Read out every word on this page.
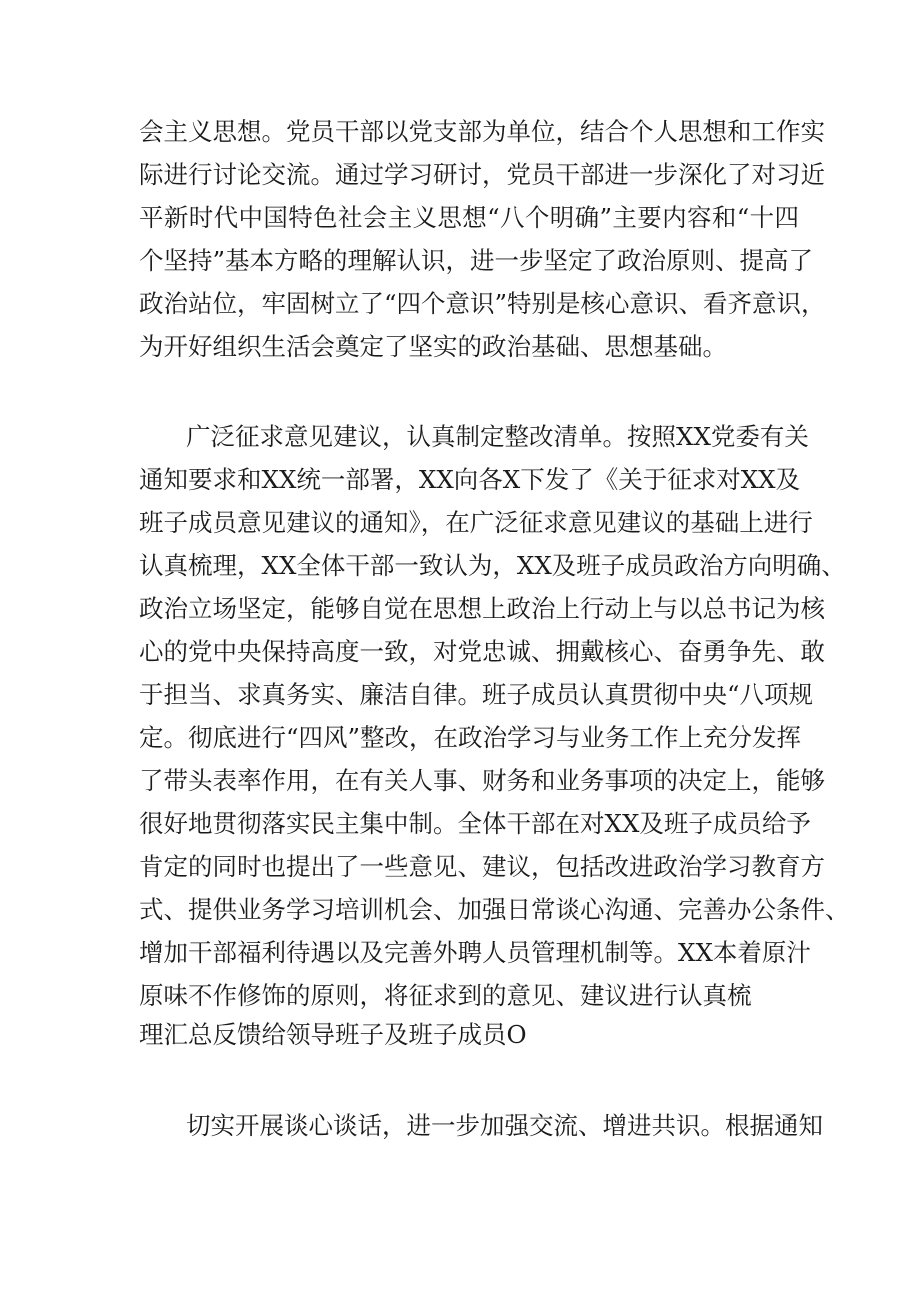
会主义思想。党员干部以党支部为单位，结合个人思想和工作实
际进行讨论交流。通过学习研讨，党员干部进一步深化了对习近
平新时代中国特色社会主义思想“八个明确”主要内容和“十四
个坚持”基本方略的理解认识，进一步坚定了政治原则、提高了
政治站位，牢固树立了“四个意识”特别是核心意识、看齐意识，
为开好组织生活会奠定了坚实的政治基础、思想基础。
广泛征求意见建议，认真制定整改清单。按照XX党委有关
通知要求和XX统一部署，XX向各X下发了《关于征求对XX及
班子成员意见建议的通知》，在广泛征求意见建议的基础上进行
认真梳理，XX全体干部一致认为，XX及班子成员政治方向明确、
政治立场坚定，能够自觉在思想上政治上行动上与以总书记为核
心的党中央保持高度一致，对党忠诚、拥戴核心、奋勇争先、敢
于担当、求真务实、廉洁自律。班子成员认真贯彻中央“八项规
定。彻底进行“四风”整改，在政治学习与业务工作上充分发挥
了带头表率作用，在有关人事、财务和业务事项的决定上，能够
很好地贯彻落实民主集中制。全体干部在对XX及班子成员给予
肯定的同时也提出了一些意见、建议，包括改进政治学习教育方
式、提供业务学习培训机会、加强日常谈心沟通、完善办公条件、
增加干部福利待遇以及完善外聘人员管理机制等。XX本着原汁
原味不作修饰的原则，将征求到的意见、建议进行认真梳
理汇总反馈给领导班子及班子成员O
切实开展谈心谈话，进一步加强交流、增进共识。根据通知
